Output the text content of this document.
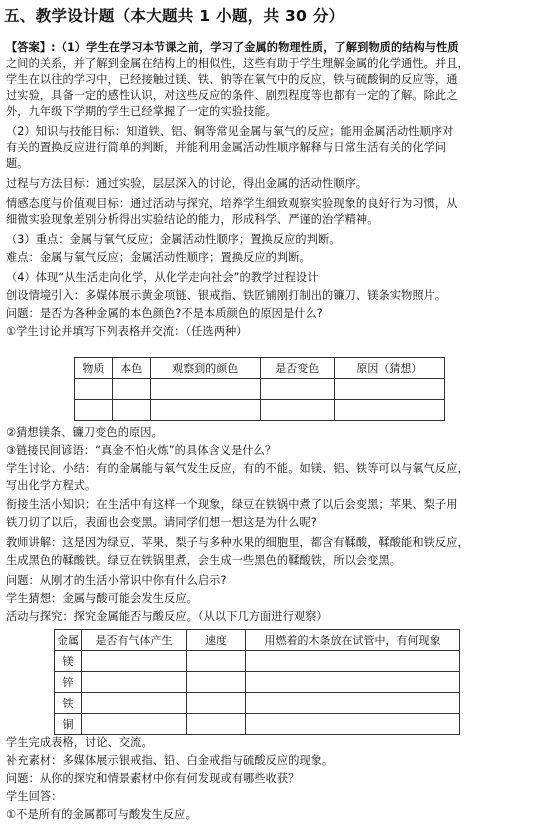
五、教学设计题（本大题共 1 小题，共 30 分）
【答案】:（1）学生在学习本节课之前，学习了金属的物理性质，了解到物质的结构与性质
之间的关系，并了解到金属在结构上的相似性，这些有助于学生理解金属的化学通性。并且，
学生在以往的学习中，已经接触过镁、铁、钠等在氧气中的反应，铁与硫酸铜的反应等，通
过实验，具备一定的感性认识，对这些反应的条件、剧烈程度等也都有一定的了解。除此之
外，九年级下学期的学生已经掌握了一定的实验技能。
（2）知识与技能目标：知道铁、铝、铜等常见金属与氧气的反应；能用金属活动性顺序对
有关的置换反应进行简单的判断，并能利用金属活动性顺序解释与日常生活有关的化学问
题。
过程与方法目标：通过实验，层层深入的讨论，得出金属的活动性顺序。
情感态度与价值观目标：通过活动与探究，培养学生细致观察实验现象的良好行为习惯，从
细微实验现象差别分析得出实验结论的能力，形成科学、严谨的治学精神。
（3）重点：金属与氧气反应；金属活动性顺序；置换反应的判断。
难点：金属与氧气反应；金属活动性顺序；置换反应的判断。
（4）体现“从生活走向化学，从化学走向社会”的教学过程设计
创设情境引入：多媒体展示黄金项链、银戒指、铁匠铺刚打制出的镰刀、镁条实物照片。
问题：是否为各种金属的本色颜色?不是本质颜色的原因是什么?
①学生讨论并填写下列表格并交流：（任选两种）
物质	本色	观察到的颜色	是否变色	原因（猜想）

②猜想镁条、镰刀变色的原因。
③链接民间谚语：“真金不怕火炼”的具体含义是什么？
学生讨论、小结：有的金属能与氧气发生反应，有的不能。如镁、铝、铁等可以与氧气反应，
写出化学方程式。
衔接生活小知识：在生活中有这样一个现象，绿豆在铁锅中煮了以后会变黑；苹果、梨子用
铁刀切了以后，表面也会变黑。请同学们想一想这是为什么呢?
教师讲解：这是因为绿豆、苹果、梨子与多种水果的细胞里，都含有鞣酸，鞣酸能和铁反应，
生成黑色的鞣酸铁。绿豆在铁锅里煮，会生成一些黑色的鞣酸铁，所以会变黑。
问题：从刚才的生活小常识中你有什么启示?
学生猜想：金属与酸可能会发生反应。
活动与探究：探究金属能否与酸反应。（从以下几方面进行观察）
金属	是否有气体产生	速度	用燃着的木条放在试管中，有何现象
镁			
锌			
铁			
铜			
学生完成表格，讨论、交流。
补充素材：多媒体展示银戒指、铅、白金戒指与硫酸反应的现象。
问题：从你的探究和情景素材中你有何发现或有哪些收获？
学生回答：
①不是所有的金属都可与酸发生反应。
